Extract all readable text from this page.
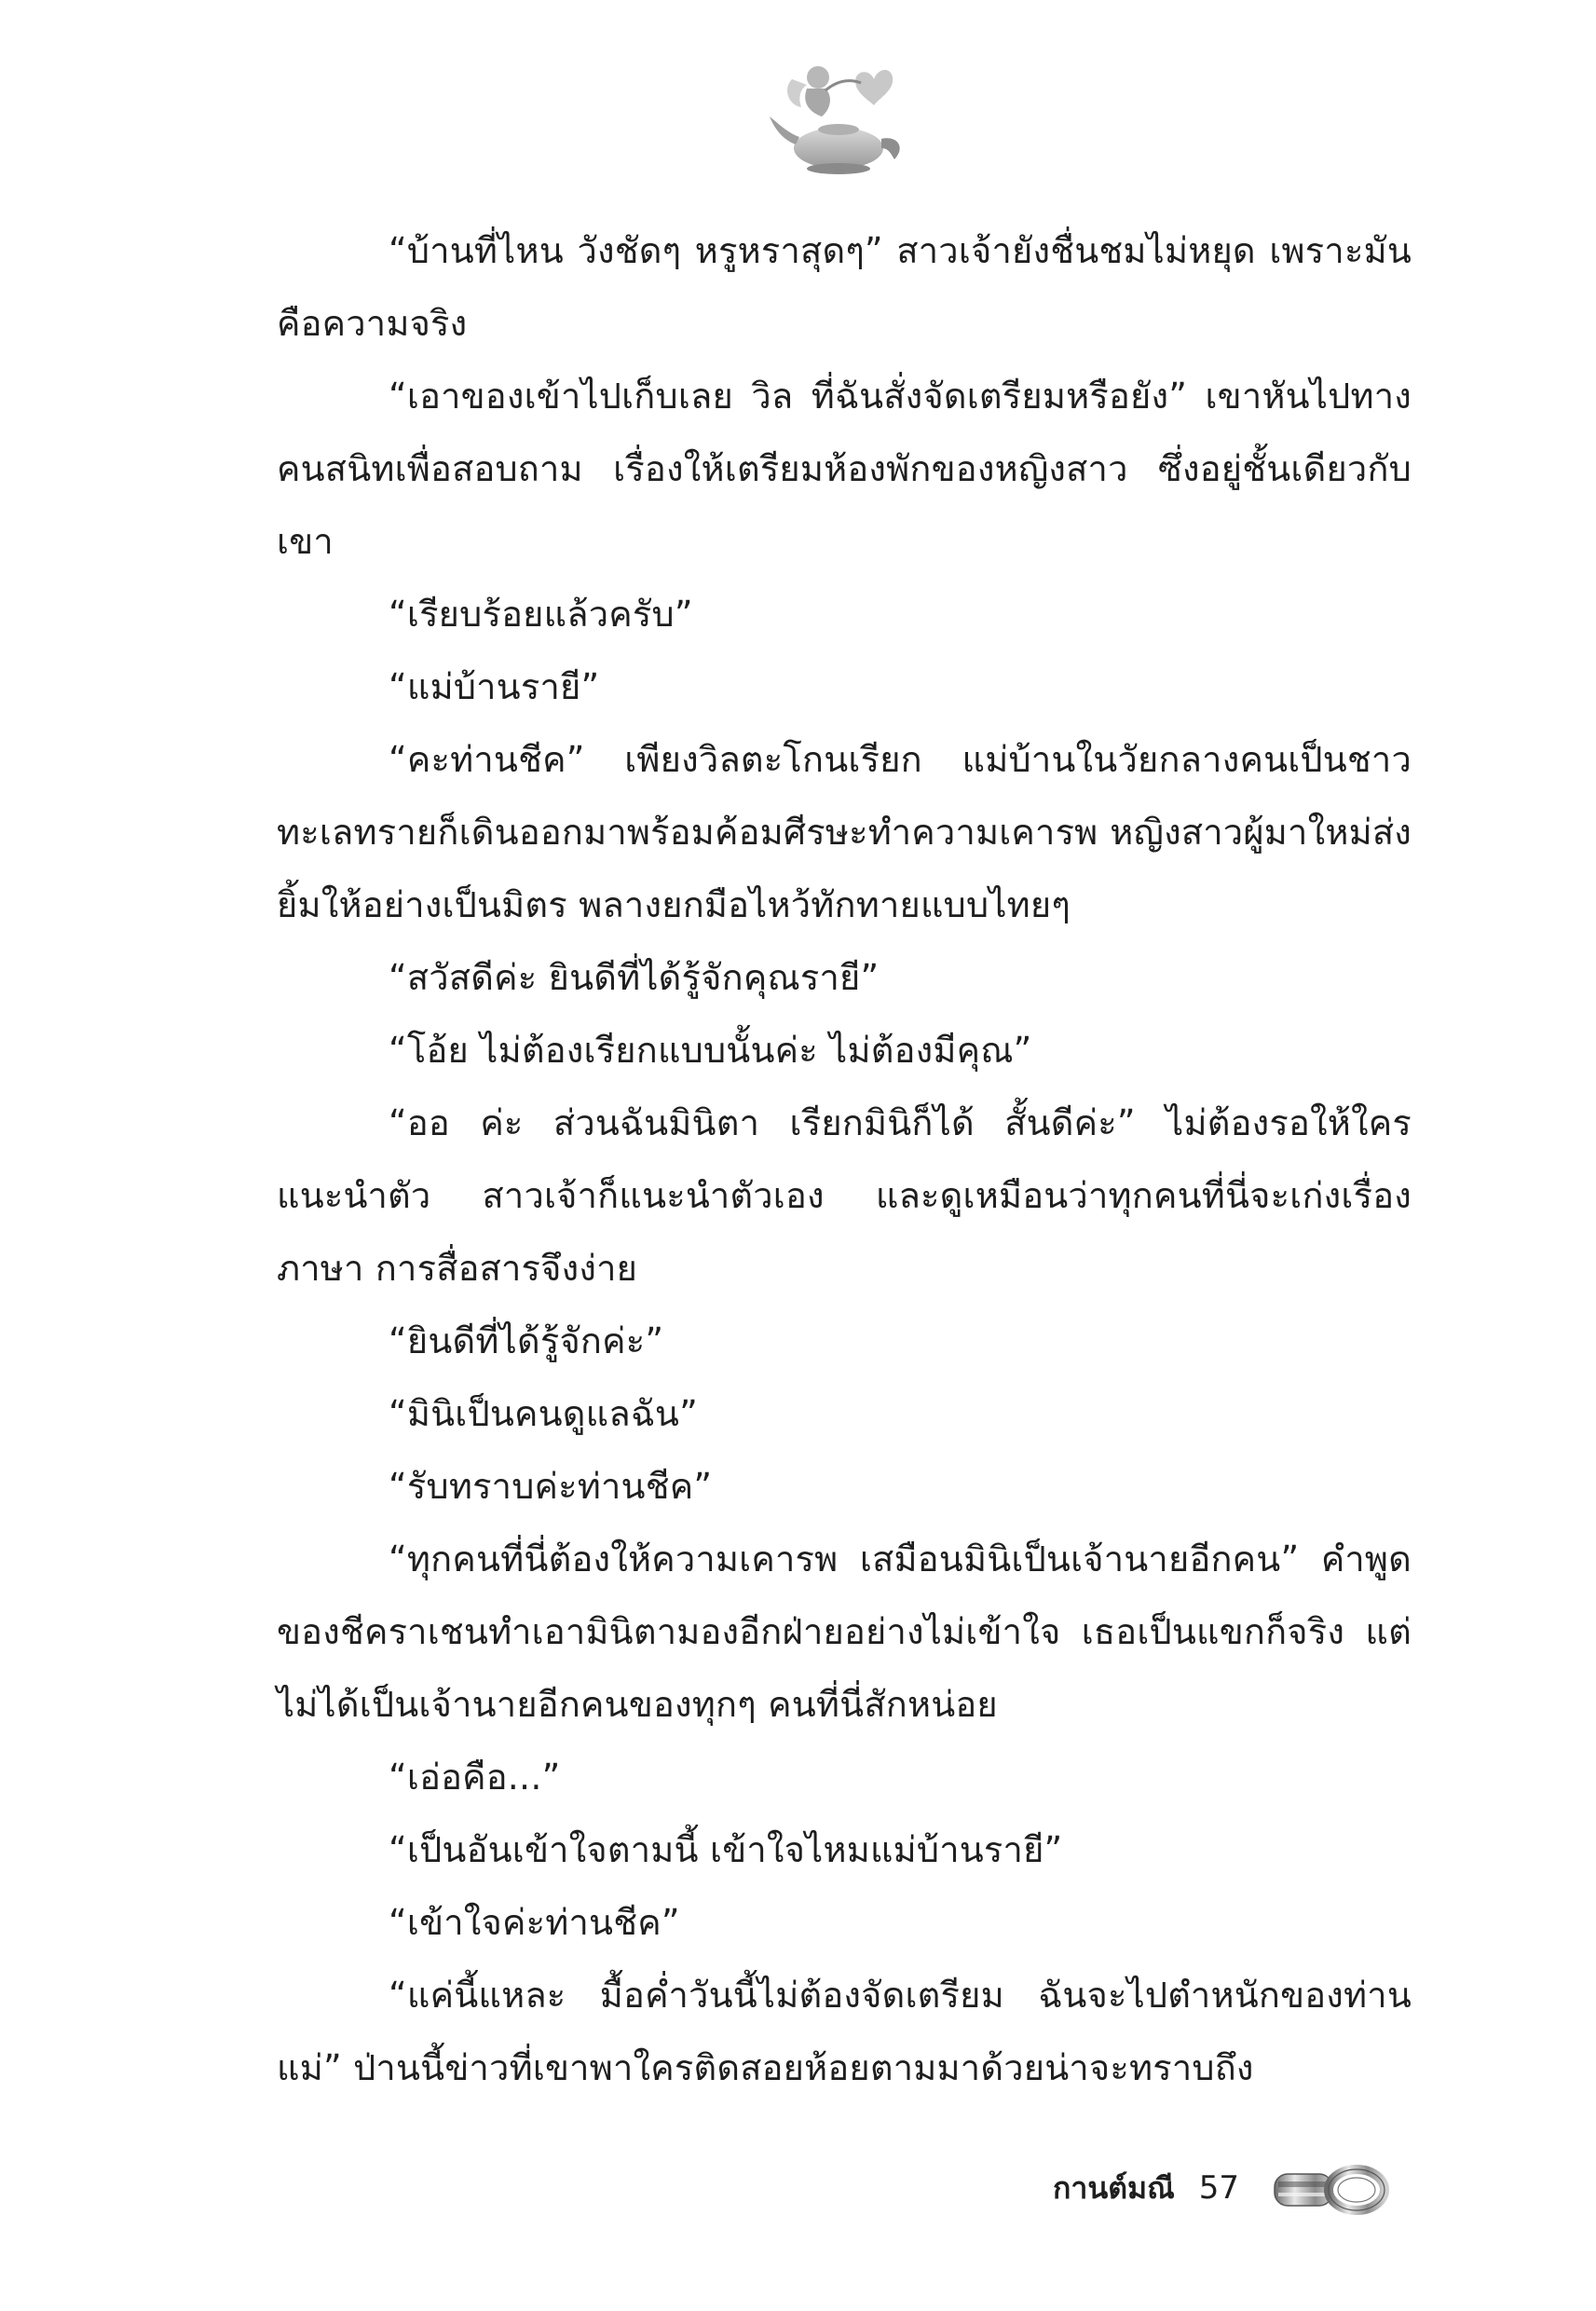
“บ้านที่ไหน วังชัดๆ หรูหราสุดๆ” สาวเจ้ายังชื่นชมไม่หยุด เพราะมันคือความจริง

“เอาของเข้าไปเก็บเลย วิล ที่ฉันสั่งจัดเตรียมหรือยัง” เขาหันไปทางคนสนิทเพื่อสอบถาม เรื่องให้เตรียมห้องพักของหญิงสาว ซึ่งอยู่ชั้นเดียวกับเขา

“เรียบร้อยแล้วครับ”

“แม่บ้านรายี”

“คะท่านชีค” เพียงวิลตะโกนเรียก แม่บ้านในวัยกลางคนเป็นชาวทะเลทรายก็เดินออกมาพร้อมค้อมศีรษะทำความเคารพ หญิงสาวผู้มาใหม่ส่งยิ้มให้อย่างเป็นมิตร พลางยกมือไหว้ทักทายแบบไทยๆ

“สวัสดีค่ะ ยินดีที่ได้รู้จักคุณรายี”

“โอ้ย ไม่ต้องเรียกแบบนั้นค่ะ ไม่ต้องมีคุณ”

“ออ ค่ะ ส่วนฉันมินิตา เรียกมินิก็ได้ สั้นดีค่ะ” ไม่ต้องรอให้ใครแนะนำตัว สาวเจ้าก็แนะนำตัวเอง และดูเหมือนว่าทุกคนที่นี่จะเก่งเรื่องภาษา การสื่อสารจึงง่าย

“ยินดีที่ได้รู้จักค่ะ”

“มินิเป็นคนดูแลฉัน”

“รับทราบค่ะท่านชีค”

“ทุกคนที่นี่ต้องให้ความเคารพ เสมือนมินิเป็นเจ้านายอีกคน” คำพูดของชีคราเชนทำเอามินิตามองอีกฝ่ายอย่างไม่เข้าใจ เธอเป็นแขกก็จริง แต่ไม่ได้เป็นเจ้านายอีกคนของทุกๆ คนที่นี่สักหน่อย

“เอ่อคือ...”

“เป็นอันเข้าใจตามนี้ เข้าใจไหมแม่บ้านรายี”

“เข้าใจค่ะท่านชีค”

“แค่นี้แหละ มื้อค่ำวันนี้ไม่ต้องจัดเตรียม ฉันจะไปตำหนักของท่านแม่” ป่านนี้ข่าวที่เขาพาใครติดสอยห้อยตามมาด้วยน่าจะทราบถึง

กานต์มณี 57
